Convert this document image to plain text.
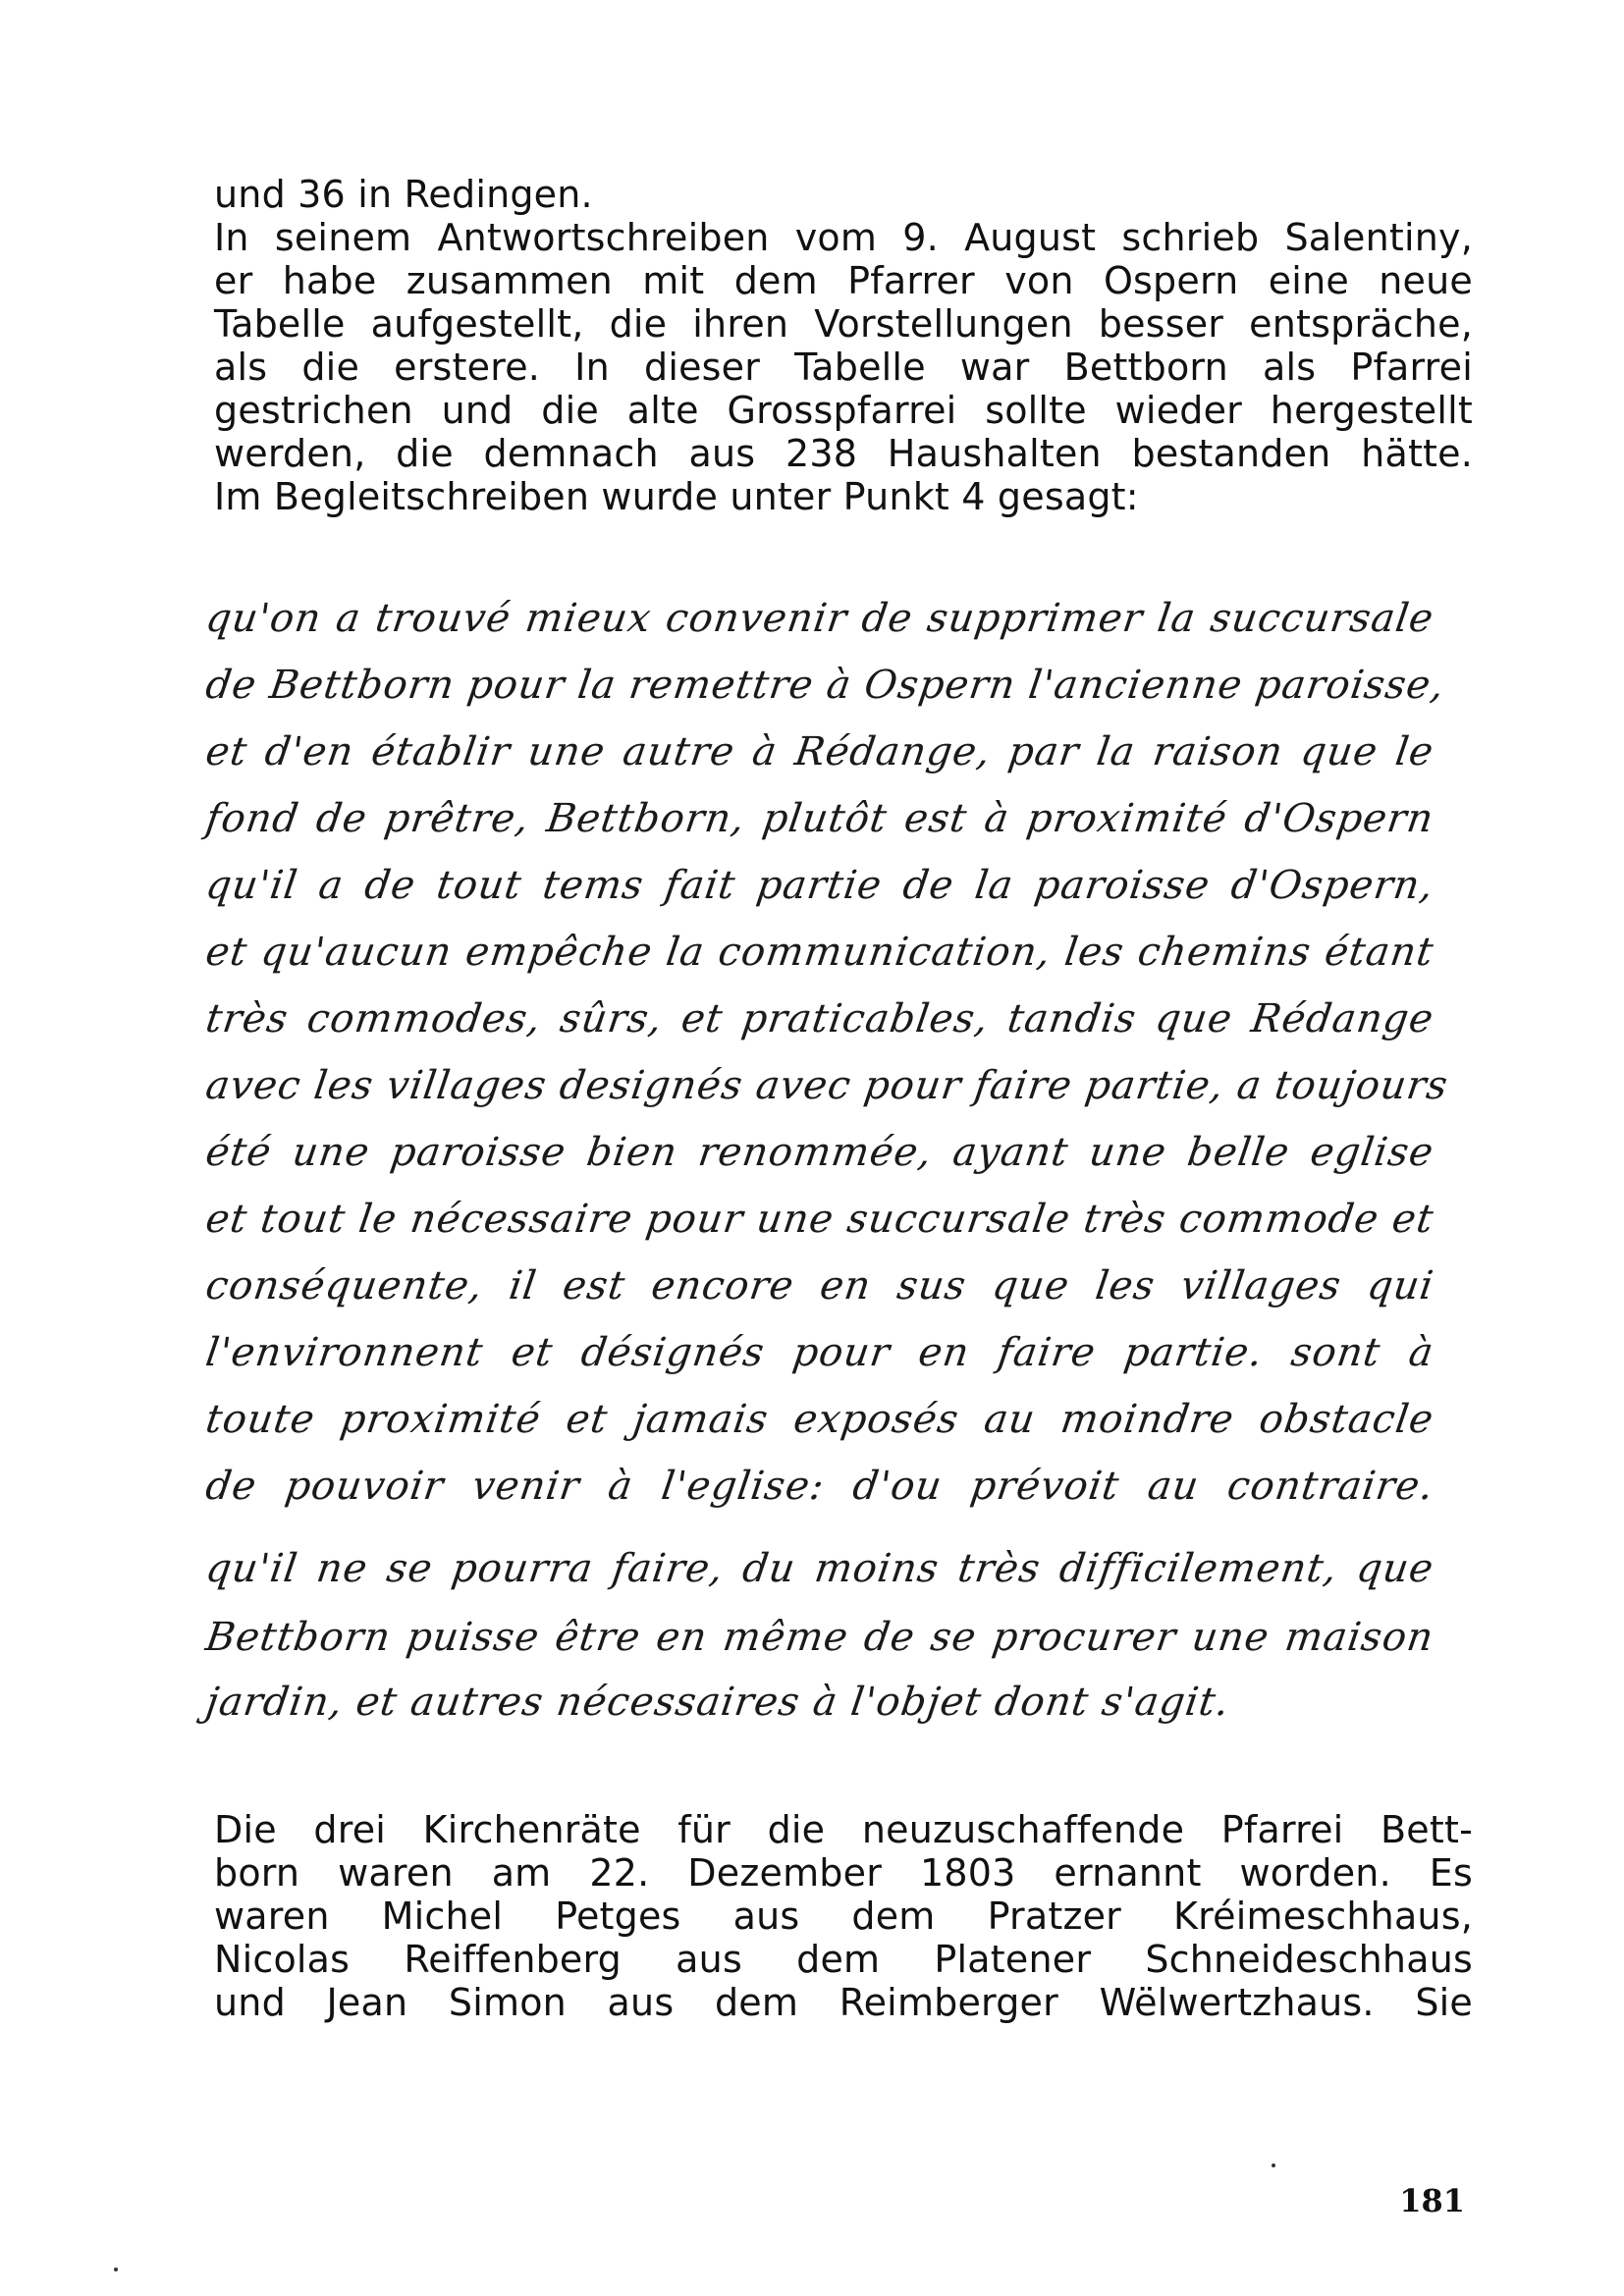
und 36 in Redingen.
In seinem Antwortschreiben vom 9. August schrieb Salentiny,
er habe zusammen mit dem Pfarrer von Ospern eine neue
Tabelle aufgestellt, die ihren Vorstellungen besser entspräche,
als die erstere. In dieser Tabelle war Bettborn als Pfarrei
gestrichen und die alte Grosspfarrei sollte wieder hergestellt
werden, die demnach aus 238 Haushalten bestanden hätte.
Im Begleitschreiben wurde unter Punkt 4 gesagt:
qu'on a trouvé mieux convenir de supprimer la succursale
de Bettborn pour la remettre à Ospern l'ancienne paroisse,
et d'en établir une autre à Rédange, par la raison que le
fond de prêtre, Bettborn, plutôt est à proximité d'Ospern
qu'il a de tout tems fait partie de la paroisse d'Ospern,
et qu'aucun empêche la communication, les chemins étant
très commodes, sûrs, et praticables, tandis que Rédange
avec les villages designés avec pour faire partie, a toujours
été une paroisse bien renommée, ayant une belle eglise
et tout le nécessaire pour une succursale très commode et
conséquente, il est encore en sus que les villages qui
l'environnent et désignés pour en faire partie. sont à
toute proximité et jamais exposés au moindre obstacle
de pouvoir venir à l'eglise: d'ou prévoit au contraire.
qu'il ne se pourra faire, du moins très difficilement, que
Bettborn puisse être en même de se procurer une maison
jardin, et autres nécessaires à l'objet dont s'agit.
Die drei Kirchenräte für die neuzuschaffende Pfarrei Bett-
born waren am 22. Dezember 1803 ernannt worden. Es
waren Michel Petges aus dem Pratzer Kréimeschhaus,
Nicolas Reiffenberg aus dem Platener Schneideschhaus
und Jean Simon aus dem Reimberger Wëlwertzhaus. Sie
181
